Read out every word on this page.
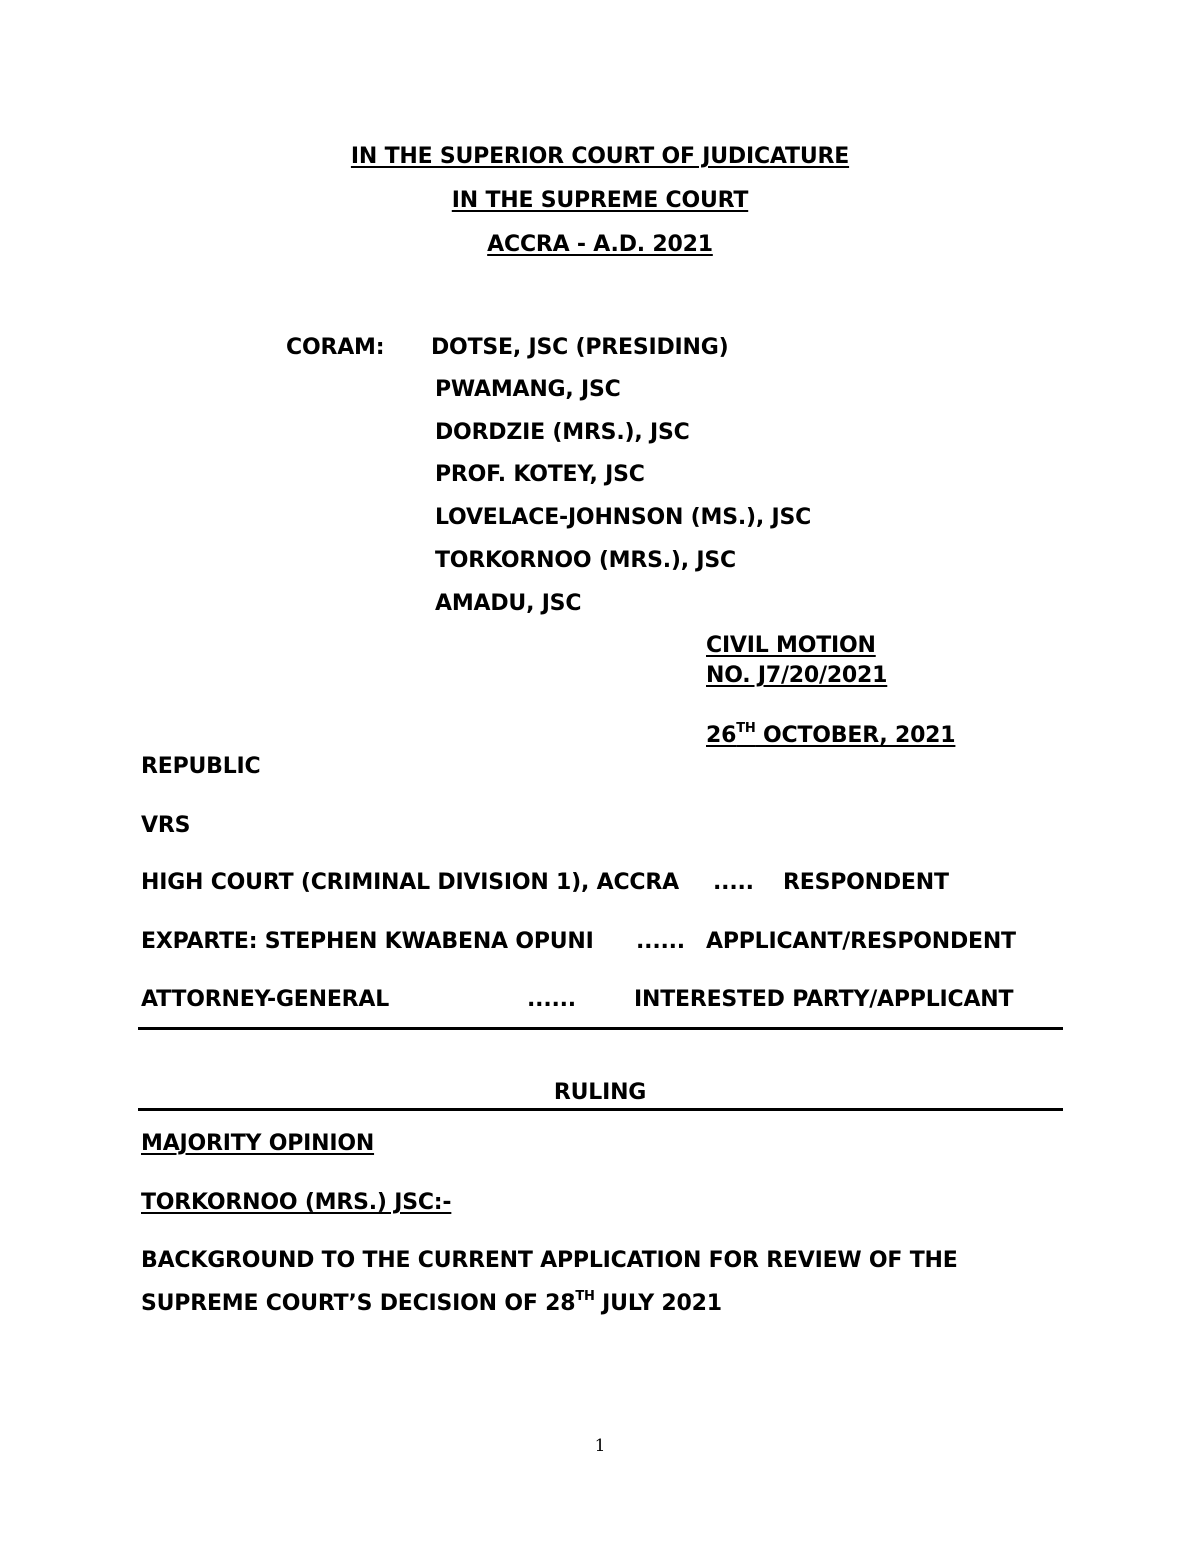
IN THE SUPERIOR COURT OF JUDICATURE
IN THE SUPREME COURT
ACCRA - A.D. 2021
CORAM: DOTSE, JSC (PRESIDING)
PWAMANG, JSC
DORDZIE (MRS.), JSC
PROF. KOTEY, JSC
LOVELACE-JOHNSON (MS.), JSC
TORKORNOO (MRS.), JSC
AMADU, JSC
CIVIL MOTION
NO. J7/20/2021
26TH OCTOBER, 2021
REPUBLIC
VRS
HIGH COURT (CRIMINAL DIVISION 1), ACCRA ..... RESPONDENT
EXPARTE: STEPHEN KWABENA OPUNI ...... APPLICANT/RESPONDENT
ATTORNEY-GENERAL	......	INTERESTED PARTY/APPLICANT
RULING
MAJORITY OPINION
TORKORNOO (MRS.) JSC:-
BACKGROUND TO THE CURRENT APPLICATION FOR REVIEW OF THE
SUPREME COURT’S DECISION OF 28TH JULY 2021
1
